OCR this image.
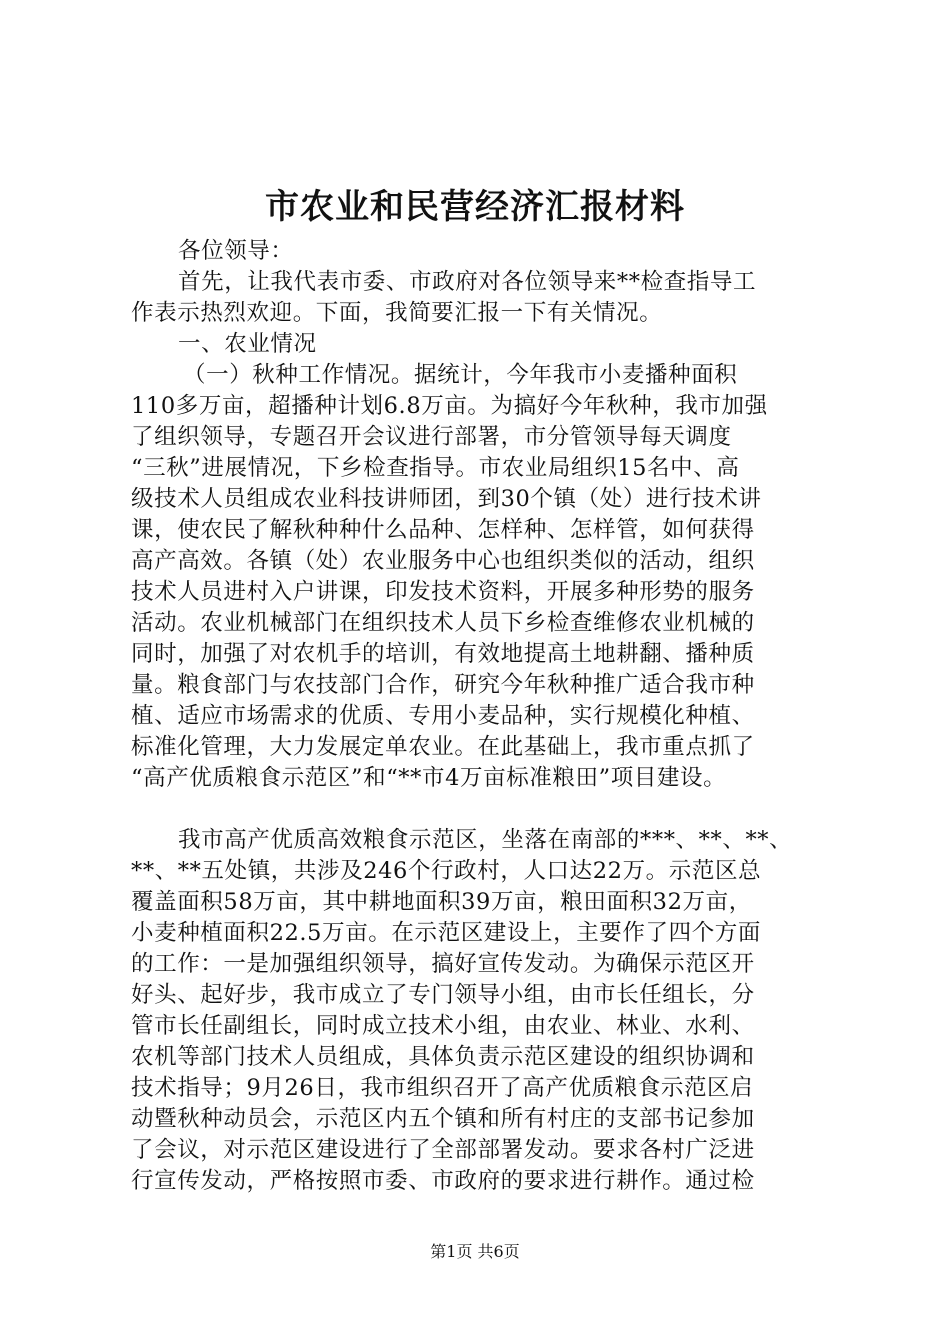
市农业和民营经济汇报材料
各位领导：
首先，让我代表市委、市政府对各位领导来**检查指导工
作表示热烈欢迎。下面，我简要汇报一下有关情况。
一、农业情况
（一）秋种工作情况。据统计，今年我市小麦播种面积
110多万亩，超播种计划6.8万亩。为搞好今年秋种，我市加强
了组织领导，专题召开会议进行部署，市分管领导每天调度
“三秋”进展情况，下乡检查指导。市农业局组织15名中、高
级技术人员组成农业科技讲师团，到30个镇（处）进行技术讲
课，使农民了解秋种种什么品种、怎样种、怎样管，如何获得
高产高效。各镇（处）农业服务中心也组织类似的活动，组织
技术人员进村入户讲课，印发技术资料，开展多种形势的服务
活动。农业机械部门在组织技术人员下乡检查维修农业机械的
同时，加强了对农机手的培训，有效地提高土地耕翻、播种质
量。粮食部门与农技部门合作，研究今年秋种推广适合我市种
植、适应市场需求的优质、专用小麦品种，实行规模化种植、
标准化管理，大力发展定单农业。在此基础上，我市重点抓了
“高产优质粮食示范区”和“**市4万亩标准粮田”项目建设。
我市高产优质高效粮食示范区，坐落在南部的***、**、**、
**、**五处镇，共涉及246个行政村，人口达22万。示范区总
覆盖面积58万亩，其中耕地面积39万亩，粮田面积32万亩，
小麦种植面积22.5万亩。在示范区建设上，主要作了四个方面
的工作：一是加强组织领导，搞好宣传发动。为确保示范区开
好头、起好步，我市成立了专门领导小组，由市长任组长，分
管市长任副组长，同时成立技术小组，由农业、林业、水利、
农机等部门技术人员组成，具体负责示范区建设的组织协调和
技术指导；9月26日，我市组织召开了高产优质粮食示范区启
动暨秋种动员会，示范区内五个镇和所有村庄的支部书记参加
了会议，对示范区建设进行了全部部署发动。要求各村广泛进
行宣传发动，严格按照市委、市政府的要求进行耕作。通过检
第1页 共6页
